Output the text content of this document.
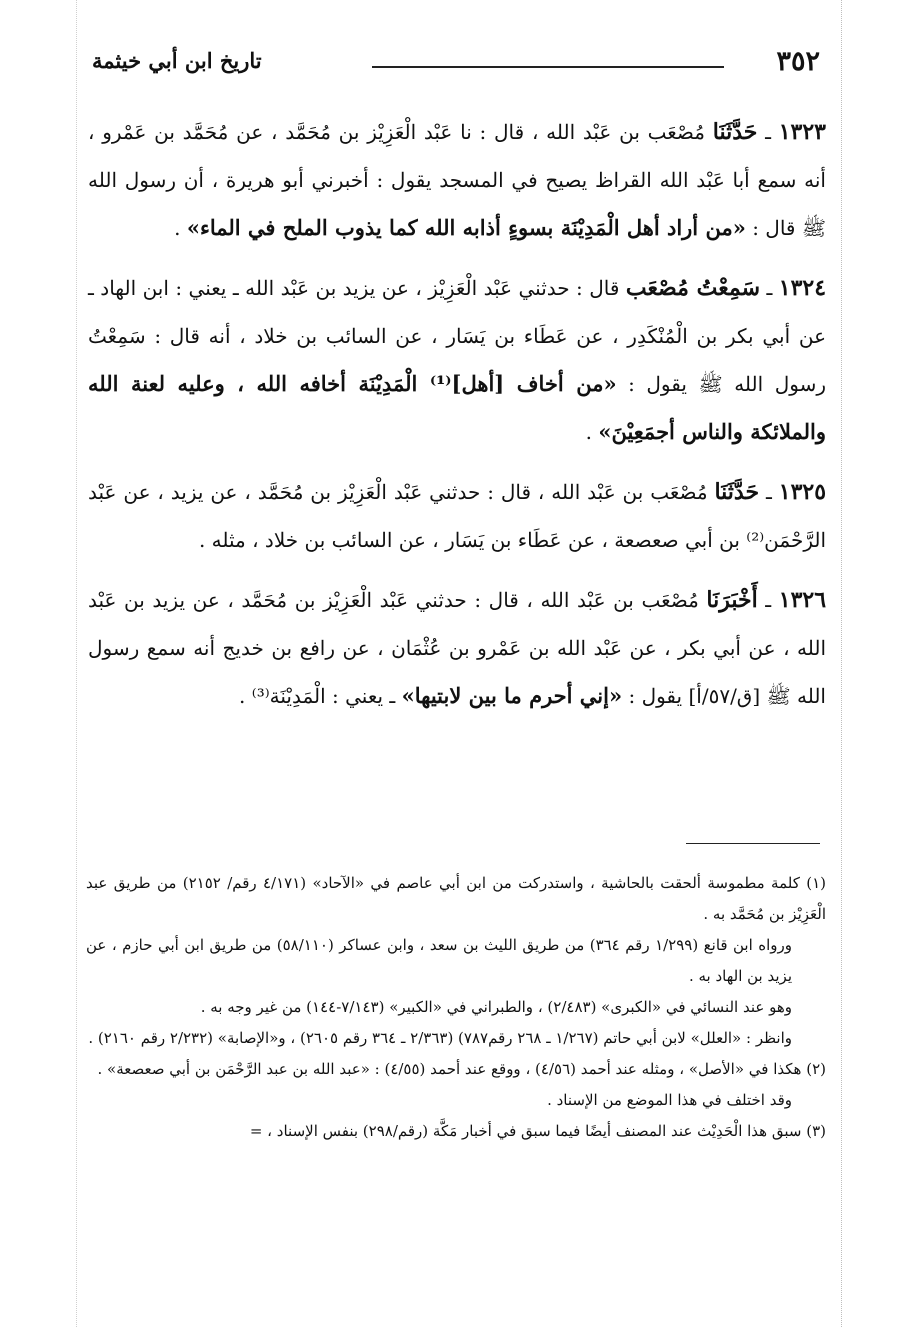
٣٥٢
تاريخ ابن أبي خيثمة

١٣٢٣ ـ حَدَّثَنَا مُصْعَب بن عَبْد الله ، قال : نا عَبْد الْعَزِيْز بن مُحَمَّد ، عن مُحَمَّد بن عَمْرو ، أنه سمع أبا عَبْد الله القراظ يصيح في المسجد يقول : أخبرني أبو هريرة ، أن رسول الله ﷺ قال : «من أراد أهل الْمَدِيْنَة بسوءٍ أذابه الله كما يذوب الملح في الماء» .

١٣٢٤ ـ سَمِعْتُ مُصْعَب قال : حدثني عَبْد الْعَزِيْز ، عن يزيد بن عَبْد الله ـ يعني : ابن الهاد ـ عن أبي بكر بن الْمُنْكَدِر ، عن عَطَاء بن يَسَار ، عن السائب بن خلاد ، أنه قال : سَمِعْتُ رسول الله ﷺ يقول : «من أخاف [أهل]⁽¹⁾ الْمَدِيْنَة أخافه الله ، وعليه لعنة الله والملائكة والناس أجمَعِيْنَ» .

١٣٢٥ ـ حَدَّثَنَا مُصْعَب بن عَبْد الله ، قال : حدثني عَبْد الْعَزِيْز بن مُحَمَّد ، عن يزيد ، عن عَبْد الرَّحْمَن⁽²⁾ بن أبي صعصعة ، عن عَطَاء بن يَسَار ، عن السائب بن خلاد ، مثله .

١٣٢٦ ـ أَخْبَرَنَا مُصْعَب بن عَبْد الله ، قال : حدثني عَبْد الْعَزِيْز بن مُحَمَّد ، عن يزيد بن عَبْد الله ، عن أبي بكر ، عن عَبْد الله بن عَمْرو بن عُثْمَان ، عن رافع بن خديج أنه سمع رسول الله ﷺ [ق/٥٧/أ] يقول : «إني أحرم ما بين لابتيها» ـ يعني : الْمَدِيْنَة⁽³⁾ .

(١) كلمة مطموسة ألحقت بالحاشية ، واستدركت من ابن أبي عاصم في «الآحاد» (٤/١٧١ رقم/ ٢١٥٢) من طريق عبد الْعَزِيْز بن مُحَمَّد به .

ورواه ابن قانع (١/٢٩٩ رقم ٣٦٤) من طريق الليث بن سعد ، وابن عساكر (٥٨/١١٠) من طريق ابن أبي حازم ، عن يزيد بن الهاد به .

وهو عند النسائي في «الكبرى» (٢/٤٨٣) ، والطبراني في «الكبير» (٧/١٤٣-١٤٤) من غير وجه به .

وانظر : «العلل» لابن أبي حاتم (١/٢٦٧ ـ ٢٦٨ رقم٧٨٧) (٢/٣٦٣ ـ ٣٦٤ رقم ٢٦٠٥) ، و«الإصابة» (٢/٢٣٢ رقم ٢١٦٠) .

(٢) هكذا في «الأصل» ، ومثله عند أحمد (٤/٥٦) ، ووقع عند أحمد (٤/٥٥) : «عبد الله بن عبد الرَّحْمَن بن أبي صعصعة» .

وقد اختلف في هذا الموضع من الإسناد .

(٣) سبق هذا الْحَدِيْث عند المصنف أيضًا فيما سبق في أخبار مَكَّة (رقم/٢٩٨) بنفس الإسناد ، =
